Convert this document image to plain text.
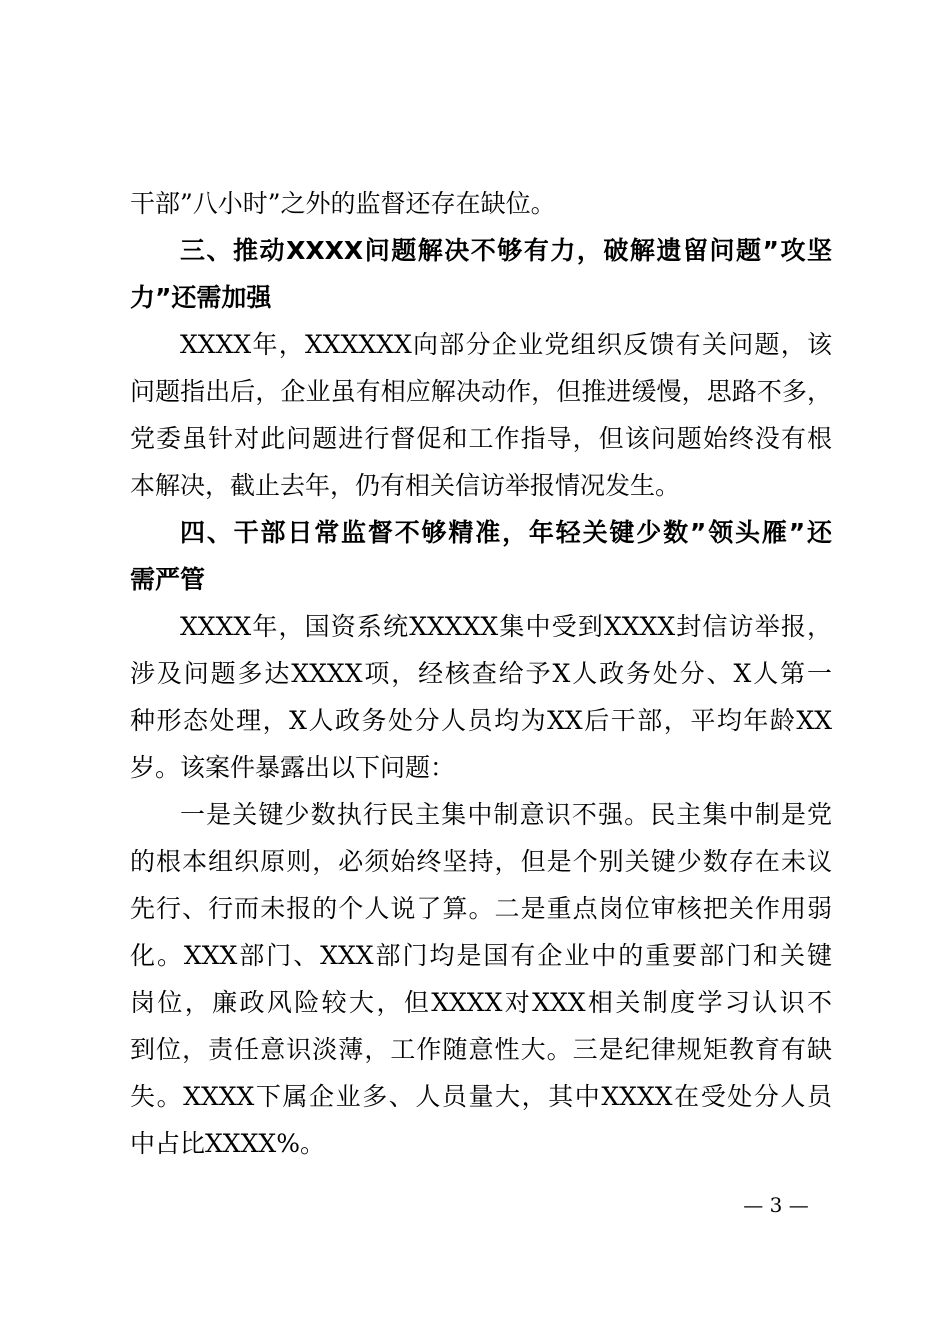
干部”八小时”之外的监督还存在缺位。
三、推动XXXX问题解决不够有力，破解遗留问题”攻坚
力”还需加强
XXXX年，XXXXXX向部分企业党组织反馈有关问题，该
问题指出后，企业虽有相应解决动作，但推进缓慢，思路不多，
党委虽针对此问题进行督促和工作指导，但该问题始终没有根
本解决，截止去年，仍有相关信访举报情况发生。
四、干部日常监督不够精准，年轻关键少数”领头雁”还
需严管
XXXX年，国资系统XXXXX集中受到XXXX封信访举报，
涉及问题多达XXXX项，经核查给予X人政务处分、X人第一
种形态处理，X人政务处分人员均为XX后干部，平均年龄XX
岁。该案件暴露出以下问题：
一是关键少数执行民主集中制意识不强。民主集中制是党
的根本组织原则，必须始终坚持，但是个别关键少数存在未议
先行、行而未报的个人说了算。二是重点岗位审核把关作用弱
化。XXX部门、XXX部门均是国有企业中的重要部门和关键
岗位，廉政风险较大，但XXXX对XXX相关制度学习认识不
到位，责任意识淡薄，工作随意性大。三是纪律规矩教育有缺
失。XXXX下属企业多、人员量大，其中XXXX在受处分人员
中占比XXXX%。
— 3 —
